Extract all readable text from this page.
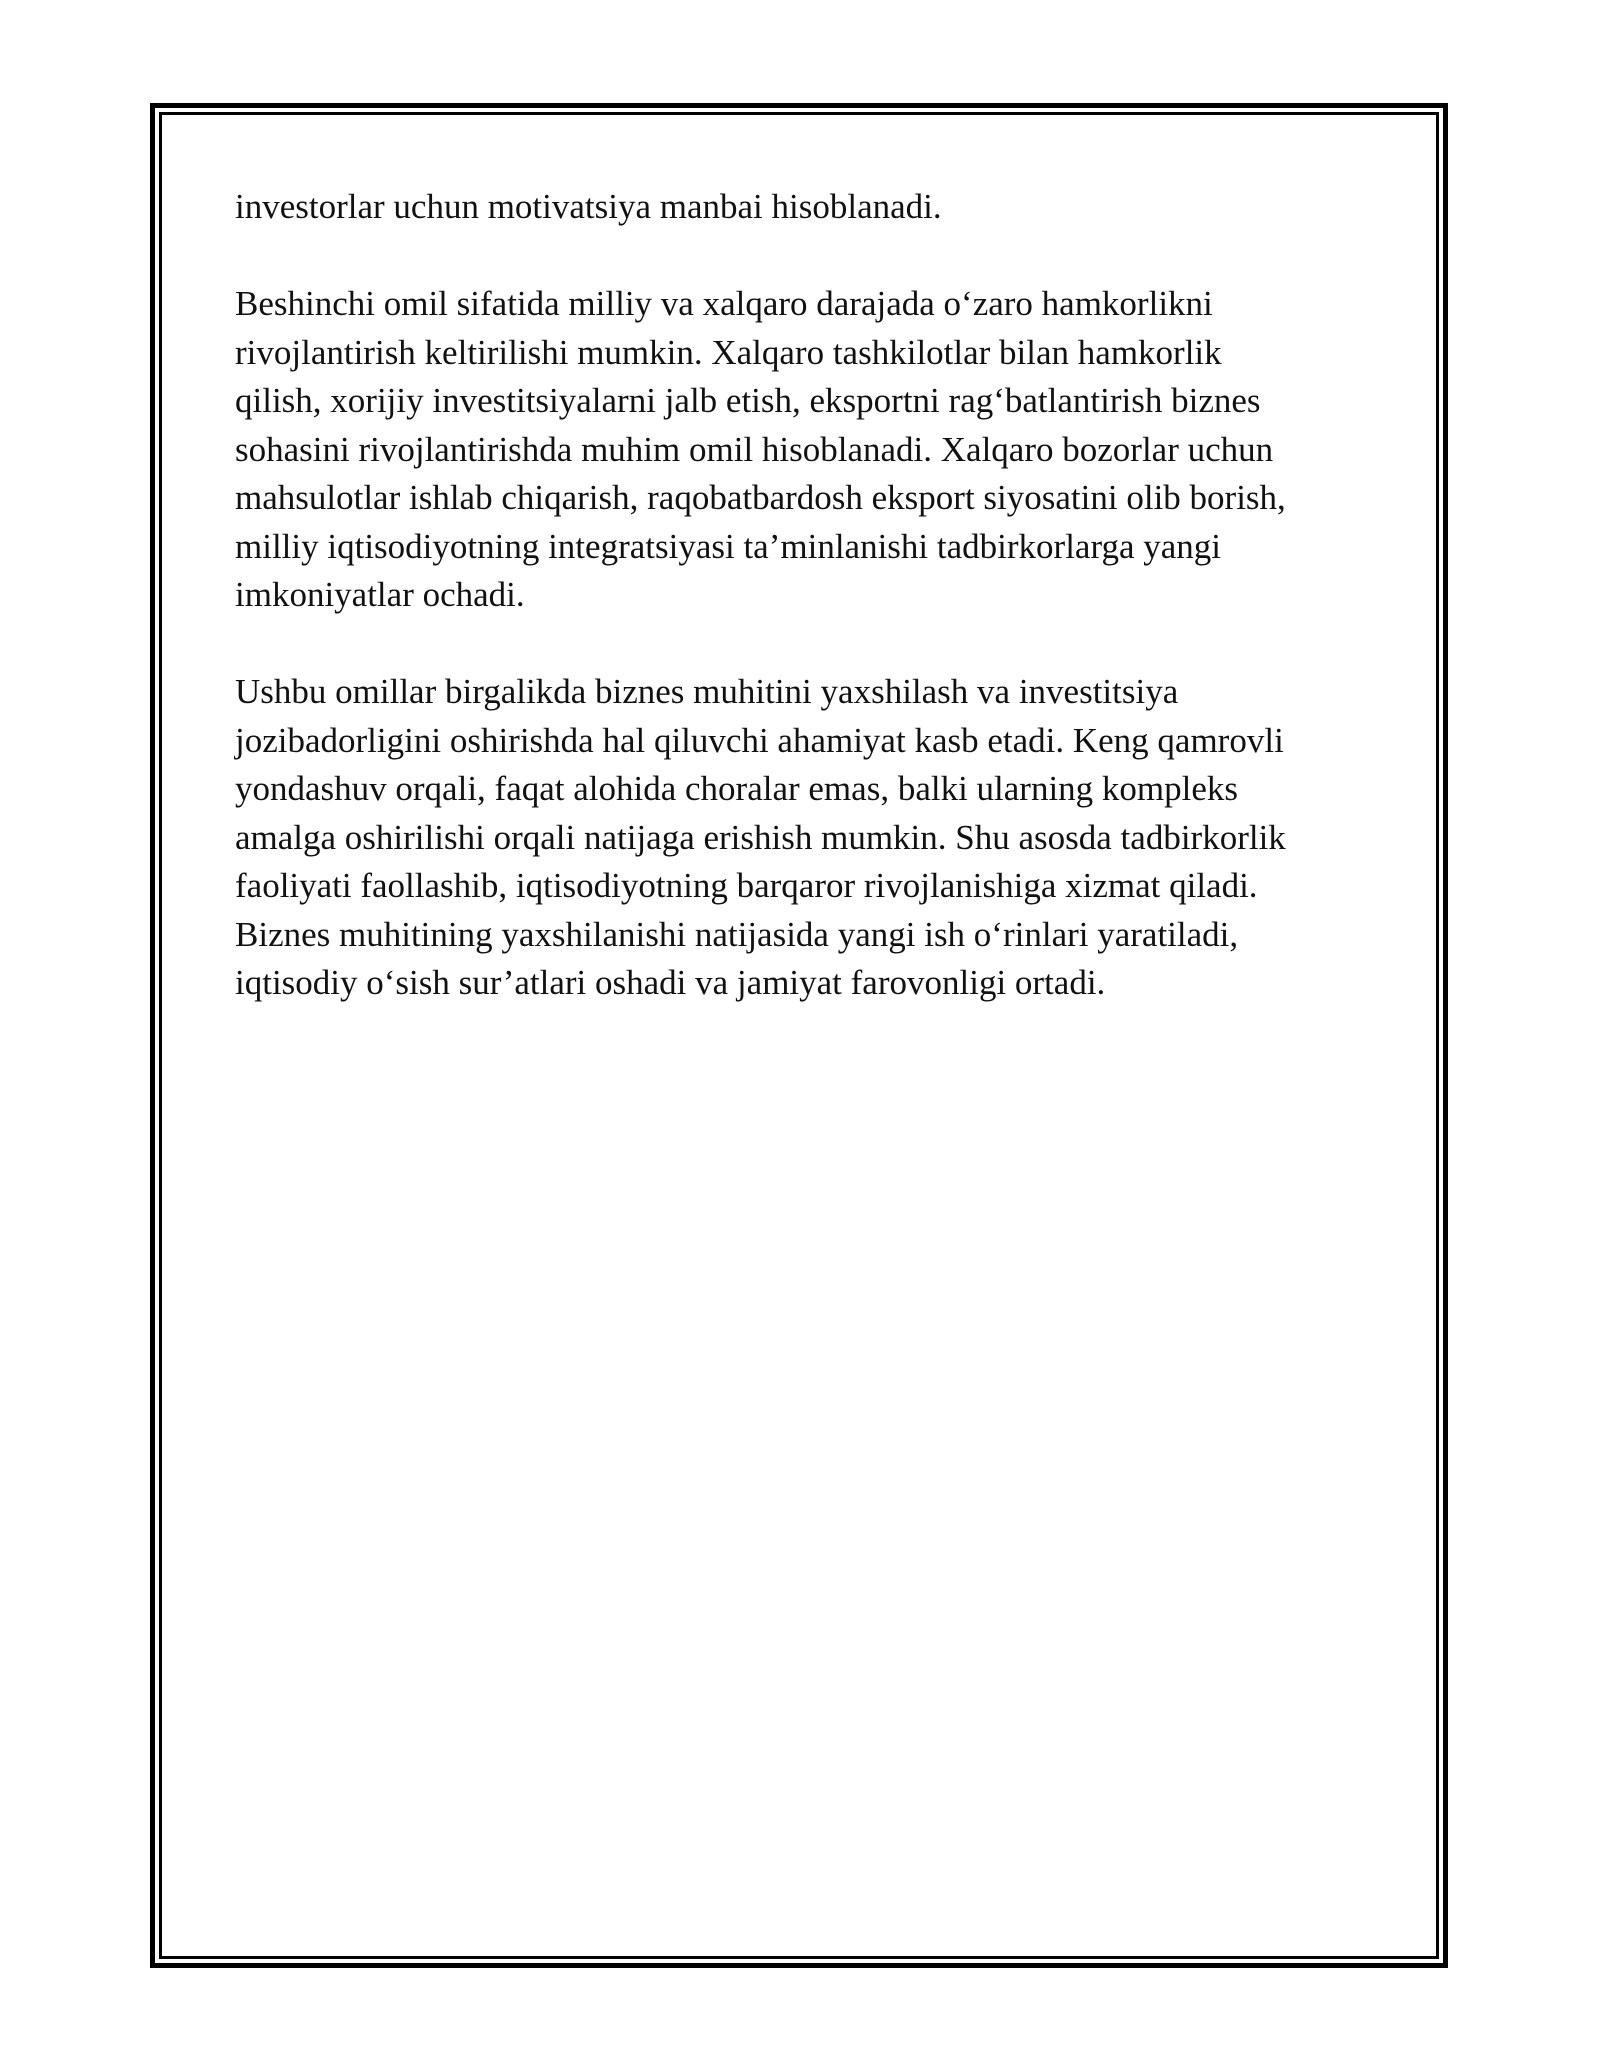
investorlar uchun motivatsiya manbai hisoblanadi.

Beshinchi omil sifatida milliy va xalqaro darajada o‘zaro hamkorlikni
rivojlantirish keltirilishi mumkin. Xalqaro tashkilotlar bilan hamkorlik
qilish, xorijiy investitsiyalarni jalb etish, eksportni rag‘batlantirish biznes
sohasini rivojlantirishda muhim omil hisoblanadi. Xalqaro bozorlar uchun
mahsulotlar ishlab chiqarish, raqobatbardosh eksport siyosatini olib borish,
milliy iqtisodiyotning integratsiyasi ta’minlanishi tadbirkorlarga yangi
imkoniyatlar ochadi.

Ushbu omillar birgalikda biznes muhitini yaxshilash va investitsiya
jozibadorligini oshirishda hal qiluvchi ahamiyat kasb etadi. Keng qamrovli
yondashuv orqali, faqat alohida choralar emas, balki ularning kompleks
amalga oshirilishi orqali natijaga erishish mumkin. Shu asosda tadbirkorlik
faoliyati faollashib, iqtisodiyotning barqaror rivojlanishiga xizmat qiladi.
Biznes muhitining yaxshilanishi natijasida yangi ish o‘rinlari yaratiladi,
iqtisodiy o‘sish sur’atlari oshadi va jamiyat farovonligi ortadi.
